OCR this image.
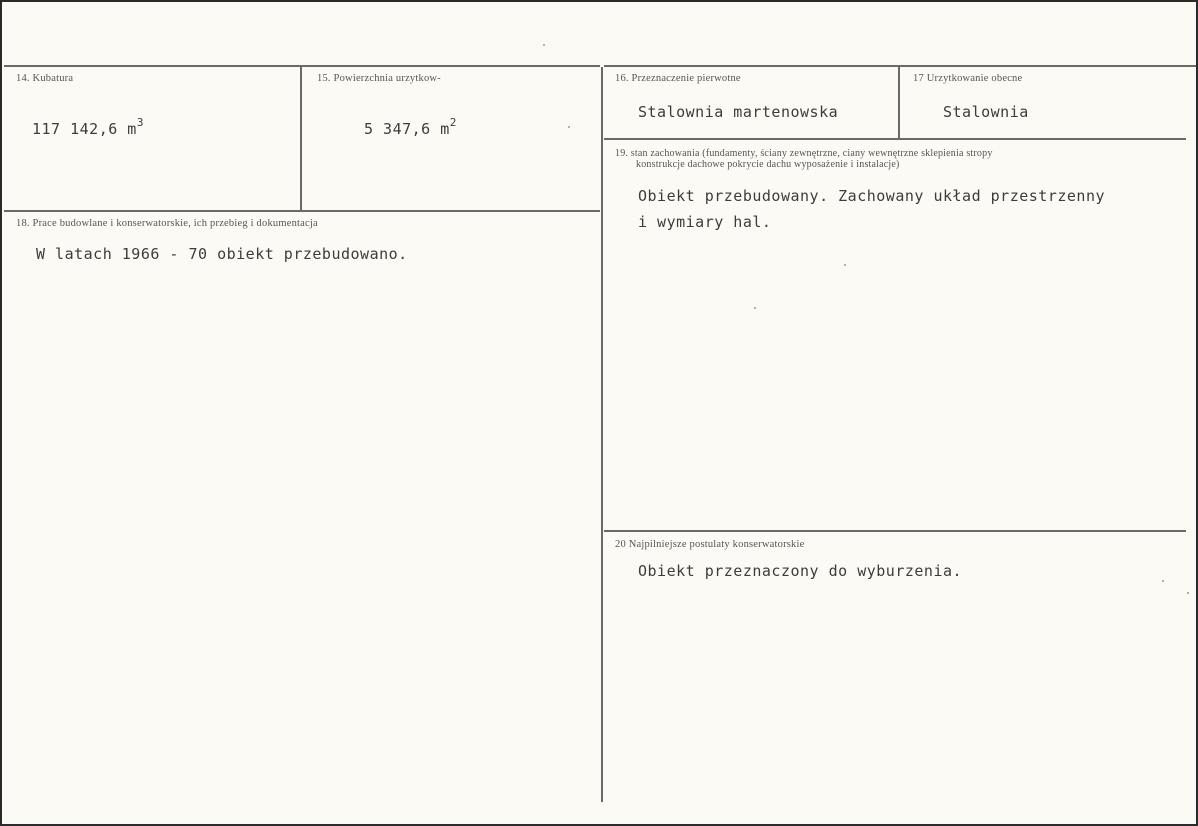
14. Kubatura
117 142,6 $m^3$
15. Powierzchnia urzytkow-
5 347,6 $m^2$
16. Przeznaczenie pierwotne
Stalownia martenowska
17 Urzytkowanie obecne
Stalownia
18. Prace budowlane i konserwatorskie, ich przebieg i dokumentacja
W latach 1966 - 70 obiekt przebudowano.
19. stan zachowania (fundamenty, ściany zewnętrzne, ciany wewnętrzne sklepienia stropy
konstrukcje dachowe pokrycie dachu wyposażenie i instalacje)
Obiekt przebudowany. Zachowany układ przestrzenny
i wymiary hal.
20 Najpilniejsze postulaty konserwatorskie
Obiekt przeznaczony do wyburzenia.
